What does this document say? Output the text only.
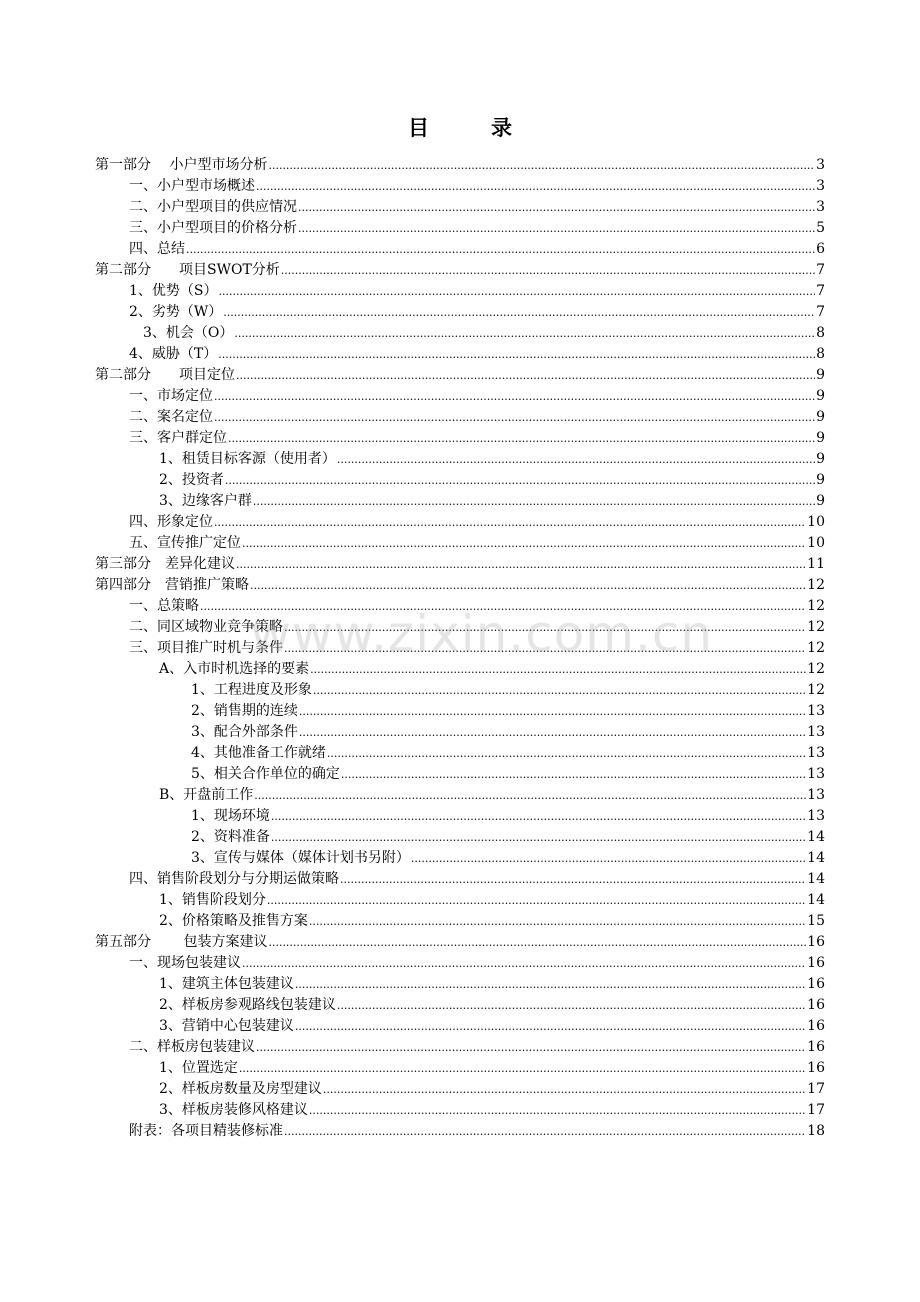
目	录
第一部分　 小户型市场分析 .....	3
一、小户型市场概述 .....	3
二、小户型项目的供应情况 .....	3
三、小户型项目的价格分析 .....	5
四、总结 .....	6
第二部分　　项目SWOT分析 .....	7
1、优势（S） .....	7
2、劣势（W） .....	7
3、机会（O） .....	8
4、威胁（T） .....	8
第二部分　　项目定位 .....	9
一、市场定位 .....	9
二、案名定位 .....	9
三、客户群定位 .....	9
1、租赁目标客源（使用者） .....	9
2、投资者 .....	9
3、边缘客户群 .....	9
四、形象定位 .....	10
五、宣传推广定位 .....	10
第三部分　差异化建议 .....	11
第四部分　营销推广策略 .....	12
一、总策略 .....	12
二、同区域物业竞争策略 .....	12
三、项目推广时机与条件 .....	12
A、入市时机选择的要素 .....	12
1、工程进度及形象 .....	12
2、销售期的连续 .....	13
3、配合外部条件 .....	13
4、其他准备工作就绪 .....	13
5、相关合作单位的确定 .....	13
B、开盘前工作 .....	13
1、现场环境 .....	13
2、资料准备 .....	14
3、宣传与媒体（媒体计划书另附） .....	14
四、销售阶段划分与分期运做策略 .....	14
1、销售阶段划分 .....	14
2、价格策略及推售方案 .....	15
第五部分　　 包装方案建议 .....	16
一、现场包装建议 .....	16
1、建筑主体包装建议 .....	16
2、样板房参观路线包装建议 .....	16
3、营销中心包装建议 .....	16
二、样板房包装建议 .....	16
1、位置选定 .....	16
2、样板房数量及房型建议 .....	17
3、样板房装修风格建议 .....	17
附表：各项目精装修标准 .....	18
www.zixin.com.cn
